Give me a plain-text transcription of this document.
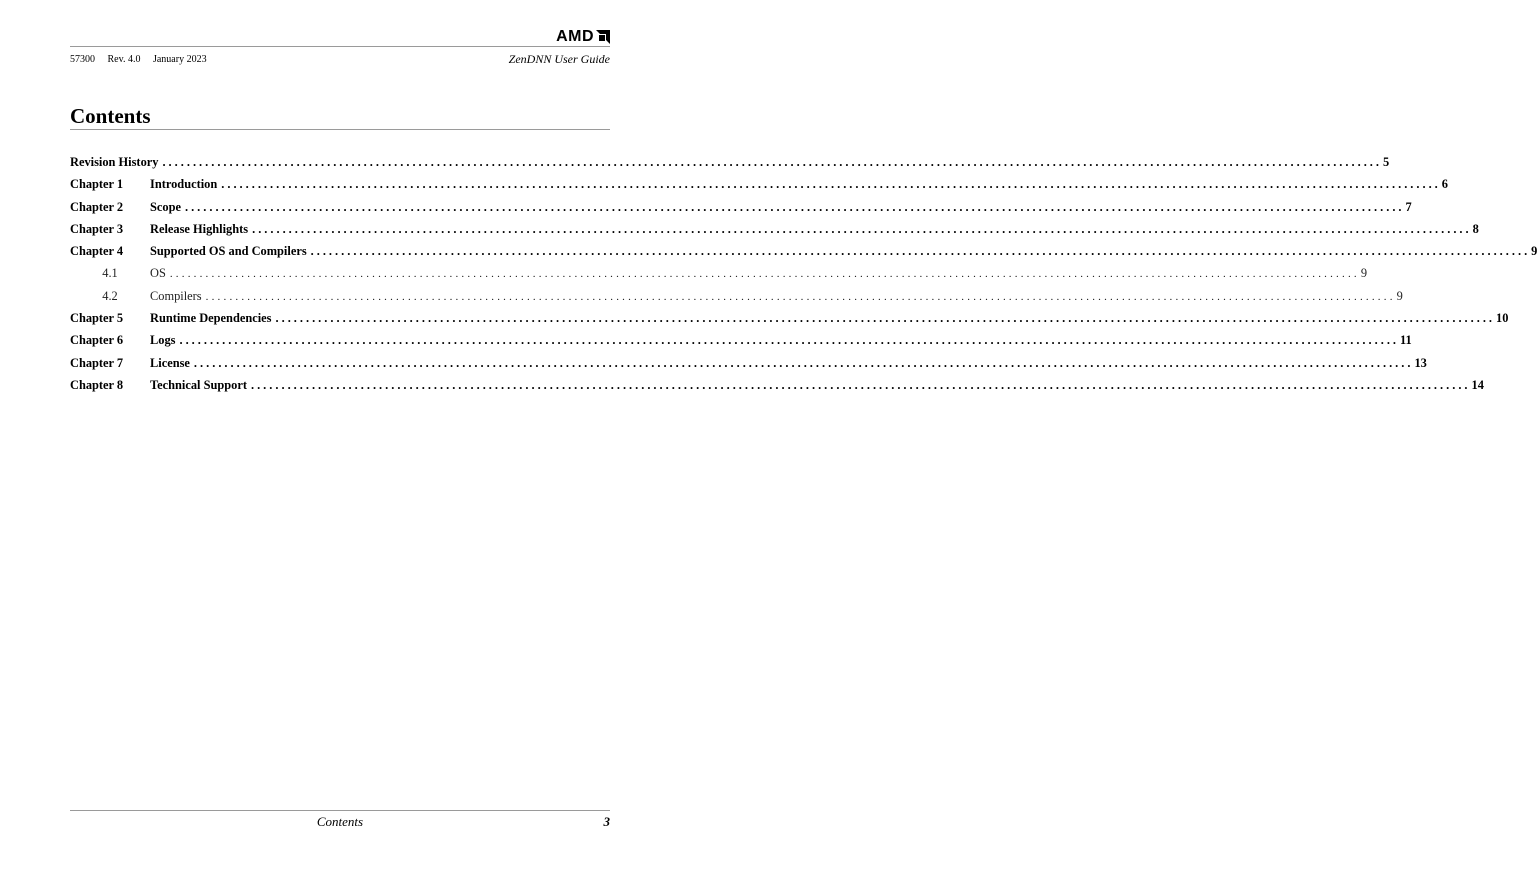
AMD
57300 Rev. 4.0 January 2023	ZenDNN User Guide
Contents
Revision History ........................................................................................................................................................................................................ 5
Chapter 1	Introduction ........................................................................................................................................................................................................ 6
Chapter 2	Scope ........................................................................................................................................................................................................ 7
Chapter 3	Release Highlights ........................................................................................................................................................................................................ 8
Chapter 4	Supported OS and Compilers ........................................................................................................................................................................................................ 9
4.1	OS ........................................................................................................................................................................................................ 9
4.2	Compilers ........................................................................................................................................................................................................ 9
Chapter 5	Runtime Dependencies ........................................................................................................................................................................................................ 10
Chapter 6	Logs ........................................................................................................................................................................................................ 11
Chapter 7	License ........................................................................................................................................................................................................ 13
Chapter 8	Technical Support ........................................................................................................................................................................................................ 14
Contents	3
